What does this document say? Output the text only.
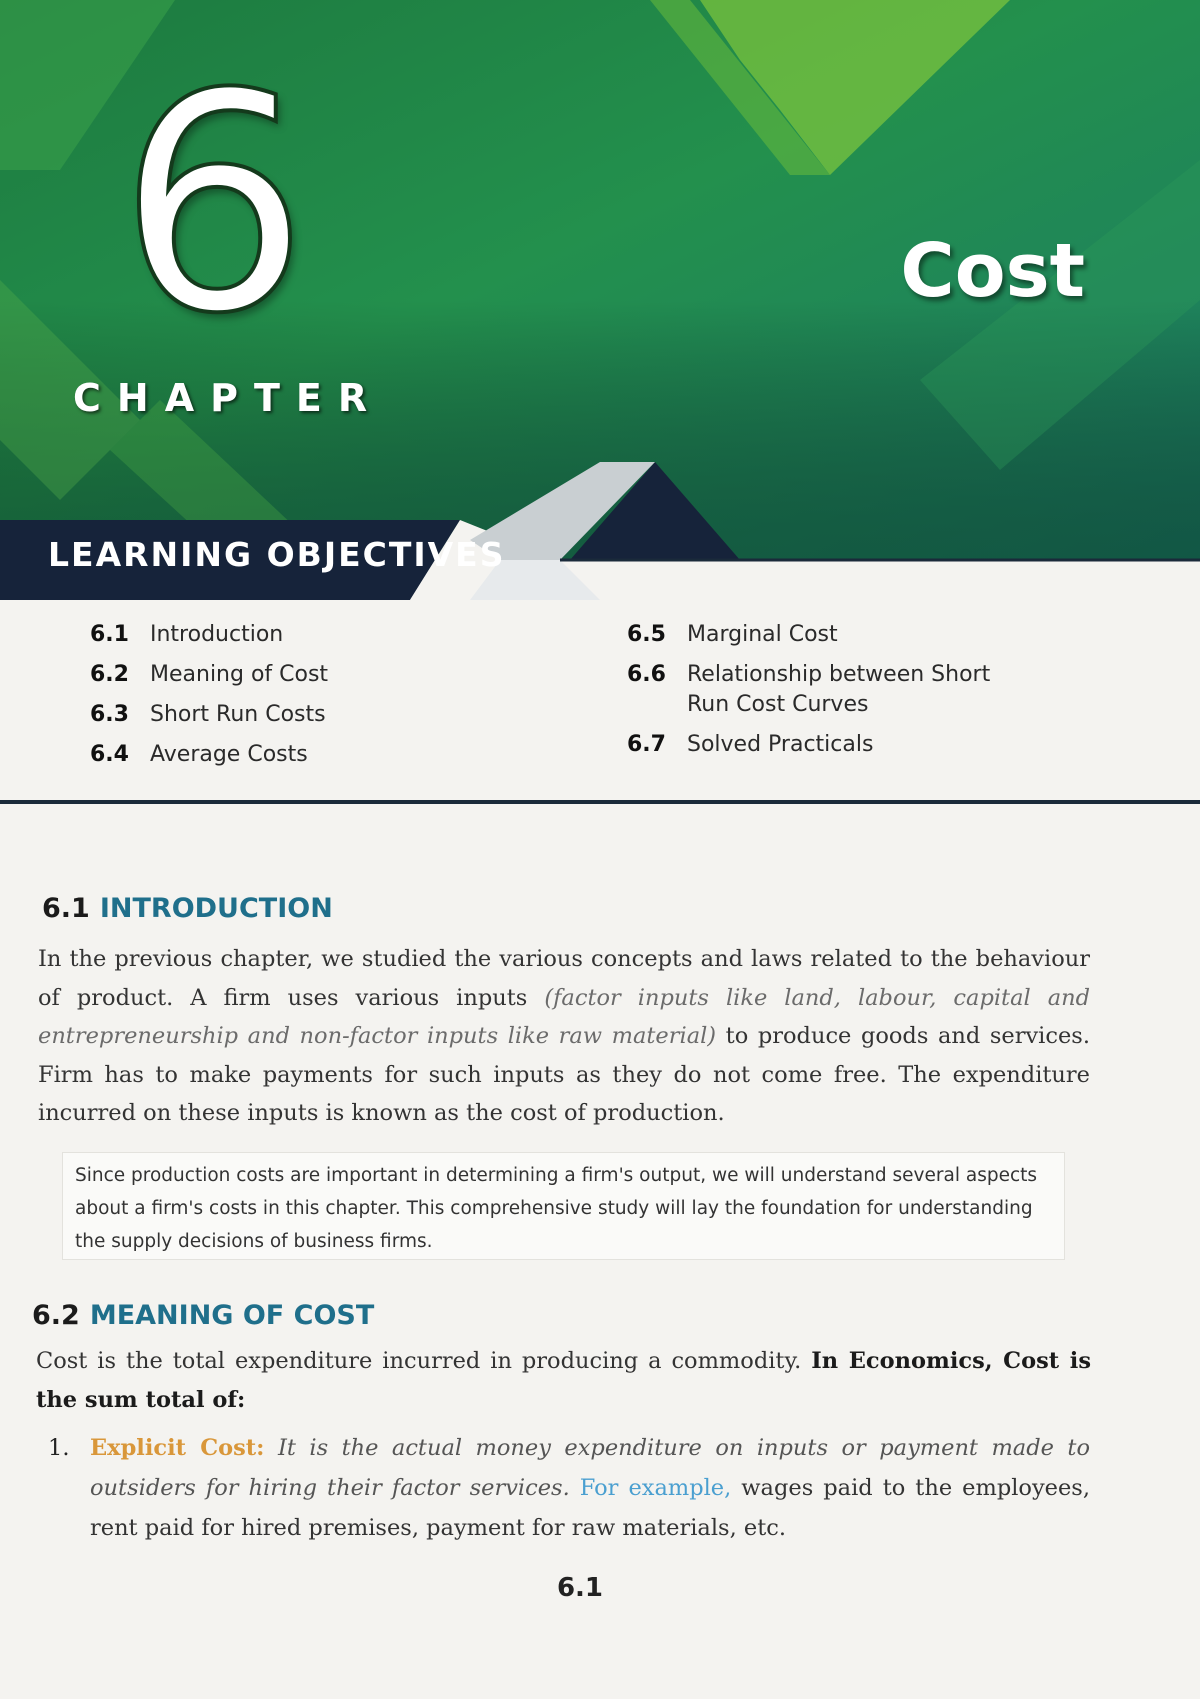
6
CHAPTER
Cost
LEARNING OBJECTIVES
6.1 Introduction
6.2 Meaning of Cost
6.3 Short Run Costs
6.4 Average Costs
6.5 Marginal Cost
6.6 Relationship between Short Run Cost Curves
6.7 Solved Practicals
6.1 INTRODUCTION

In the previous chapter, we studied the various concepts and laws related to the behaviour of product. A firm uses various inputs (factor inputs like land, labour, capital and entrepreneurship and non-factor inputs like raw material) to produce goods and services. Firm has to make payments for such inputs as they do not come free. The expenditure incurred on these inputs is known as the cost of production.

Since production costs are important in determining a firm's output, we will understand several aspects about a firm's costs in this chapter. This comprehensive study will lay the foundation for understanding the supply decisions of business firms.
6.2 MEANING OF COST

Cost is the total expenditure incurred in producing a commodity. In Economics, Cost is the sum total of:

1. Explicit Cost: It is the actual money expenditure on inputs or payment made to outsiders for hiring their factor services. For example, wages paid to the employees, rent paid for hired premises, payment for raw materials, etc.
6.1
